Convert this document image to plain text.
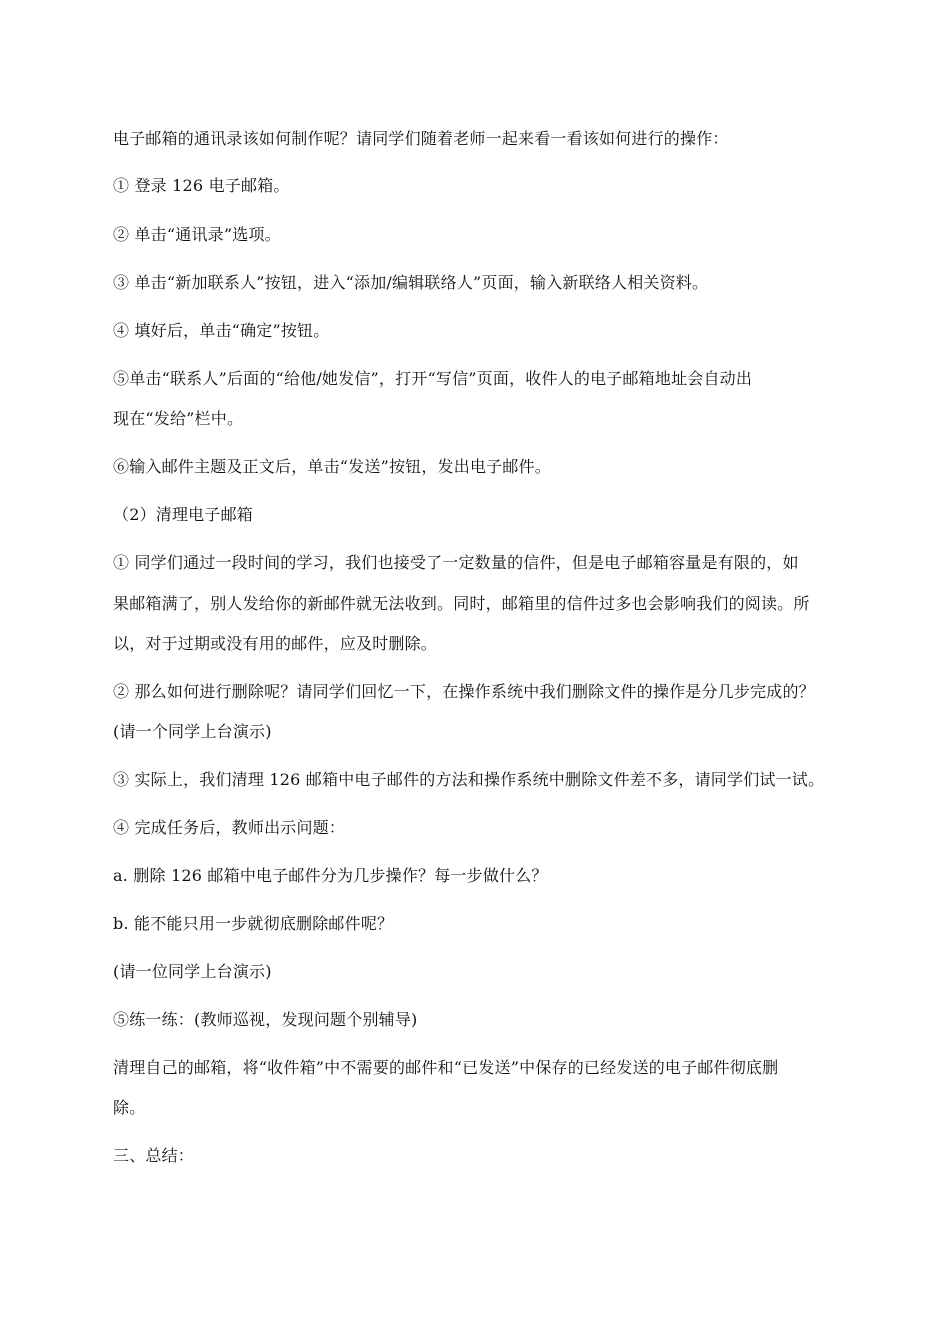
电子邮箱的通讯录该如何制作呢？请同学们随着老师一起来看一看该如何进行的操作：
① 登录 126 电子邮箱。
② 单击“通讯录”选项。
③ 单击“新加联系人”按钮，进入“添加/编辑联络人”页面，输入新联络人相关资料。
④ 填好后，单击“确定”按钮。
⑤单击“联系人”后面的“给他/她发信”，打开“写信”页面，收件人的电子邮箱地址会自动出
现在“发给”栏中。
⑥输入邮件主题及正文后，单击“发送”按钮，发出电子邮件。
（2）清理电子邮箱
① 同学们通过一段时间的学习，我们也接受了一定数量的信件，但是电子邮箱容量是有限的，如
果邮箱满了，别人发给你的新邮件就无法收到。同时，邮箱里的信件过多也会影响我们的阅读。所
以，对于过期或没有用的邮件，应及时删除。
② 那么如何进行删除呢？请同学们回忆一下，在操作系统中我们删除文件的操作是分几步完成的？
(请一个同学上台演示)
③ 实际上，我们清理 126 邮箱中电子邮件的方法和操作系统中删除文件差不多，请同学们试一试。
④ 完成任务后，教师出示问题：
a. 删除 126 邮箱中电子邮件分为几步操作？每一步做什么？
b. 能不能只用一步就彻底删除邮件呢？
(请一位同学上台演示)
⑤练一练：(教师巡视，发现问题个别辅导)
清理自己的邮箱，将“收件箱”中不需要的邮件和“已发送”中保存的已经发送的电子邮件彻底删
除。
三、总结：
